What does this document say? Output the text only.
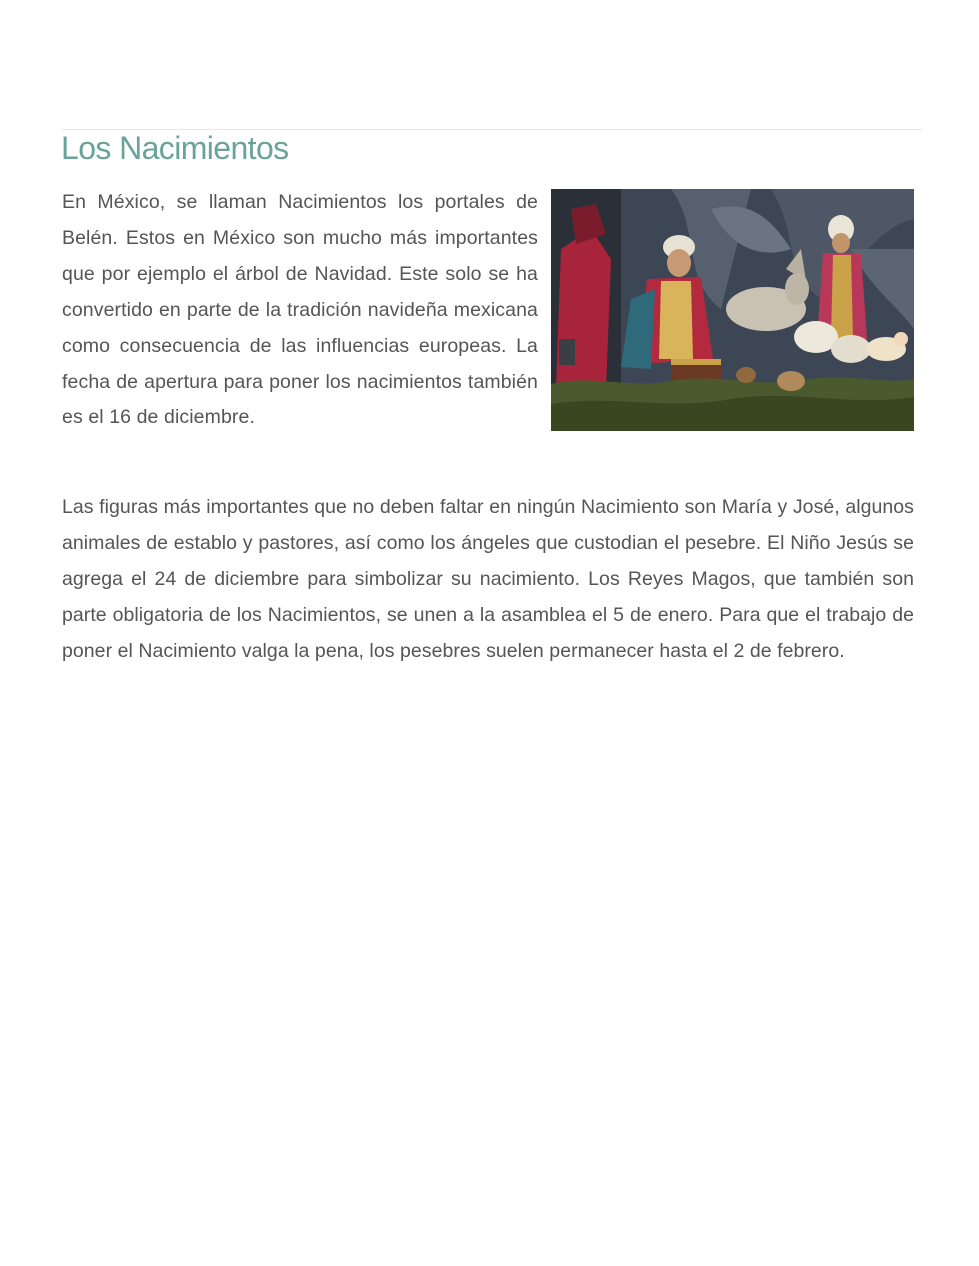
Los Nacimientos

En México, se llaman Nacimientos los portales de Belén. Estos en México son mucho más importantes que por ejemplo el árbol de Navidad. Este solo se ha convertido en parte de la tradición navideña mexicana como consecuencia de las influencias europeas. La fecha de apertura para poner los nacimientos también es el 16 de diciembre.

Las figuras más importantes que no deben faltar en ningún Nacimiento son María y José, algunos animales de establo y pastores, así como los ángeles que custodian el pesebre. El Niño Jesús se agrega el 24 de diciembre para simbolizar su nacimiento. Los Reyes Magos, que también son parte obligatoria de los Nacimientos, se unen a la asamblea el 5 de enero. Para que el trabajo de poner el Nacimiento valga la pena, los pesebres suelen permanecer hasta el 2 de febrero.
